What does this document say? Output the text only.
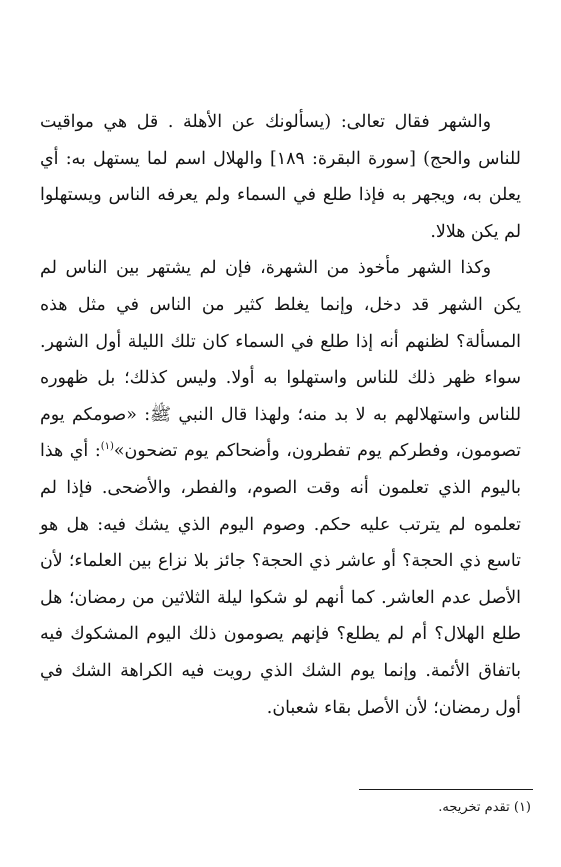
والشهر فقال تعالى: (يسألونك عن الأهلة . قل هي مواقيت للناس والحج) [سورة البقرة: ١٨٩] والهلال اسم لما يستهل به: أي يعلن به، ويجهر به فإذا طلع في السماء ولم يعرفه الناس ويستهلوا لم يكن هلالا.

وكذا الشهر مأخوذ من الشهرة، فإن لم يشتهر بين الناس لم يكن الشهر قد دخل، وإنما يغلط كثير من الناس في مثل هذه المسألة؟ لظنهم أنه إذا طلع في السماء كان تلك الليلة أول الشهر. سواء ظهر ذلك للناس واستهلوا به أولا. وليس كذلك؛ بل ظهوره للناس واستهلالهم به لا بد منه؛ ولهذا قال النبي ﷺ: «صومكم يوم تصومون، وفطركم يوم تفطرون، وأضحاكم يوم تضحون»$^{(١)}$: أي هذا باليوم الذي تعلمون أنه وقت الصوم، والفطر، والأضحى. فإذا لم تعلموه لم يترتب عليه حكم. وصوم اليوم الذي يشك فيه: هل هو تاسع ذي الحجة؟ أو عاشر ذي الحجة؟ جائز بلا نزاع بين العلماء؛ لأن الأصل عدم العاشر. كما أنهم لو شكوا ليلة الثلاثين من رمضان؛ هل طلع الهلال؟ أم لم يطلع؟ فإنهم يصومون ذلك اليوم المشكوك فيه باتفاق الأئمة. وإنما يوم الشك الذي رويت فيه الكراهة الشك في أول رمضان؛ لأن الأصل بقاء شعبان.

(١) تقدم تخريجه.
